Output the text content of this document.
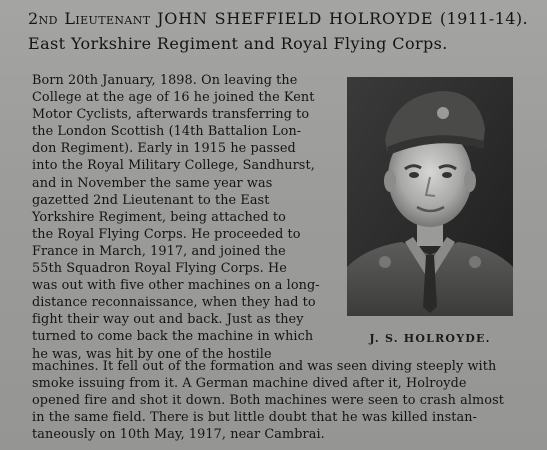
2nd Lieutenant JOHN SHEFFIELD HOLROYDE (1911-14). East Yorkshire Regiment and Royal Flying Corps.

Born 20th January, 1898. On leaving the

College at the age of 16 he joined the Kent

Motor Cyclists, afterwards transferring to

the London Scottish (14th Battalion Lon-

don Regiment). Early in 1915 he passed

into the Royal Military College, Sandhurst,

and in November the same year was

gazetted 2nd Lieutenant to the East

Yorkshire Regiment, being attached to

the Royal Flying Corps. He proceeded to

France in March, 1917, and joined the

55th Squadron Royal Flying Corps. He

was out with five other machines on a long-

distance reconnaissance, when they had to

fight their way out and back. Just as they

turned to come back the machine in which

he was, was hit by one of the hostile

J. S. HOLROYDE.

machines. It fell out of the formation and was seen diving steeply with

smoke issuing from it. A German machine dived after it, Holroyde

opened fire and shot it down. Both machines were seen to crash almost

in the same field. There is but little doubt that he was killed instan-

taneously on 10th May, 1917, near Cambrai.
